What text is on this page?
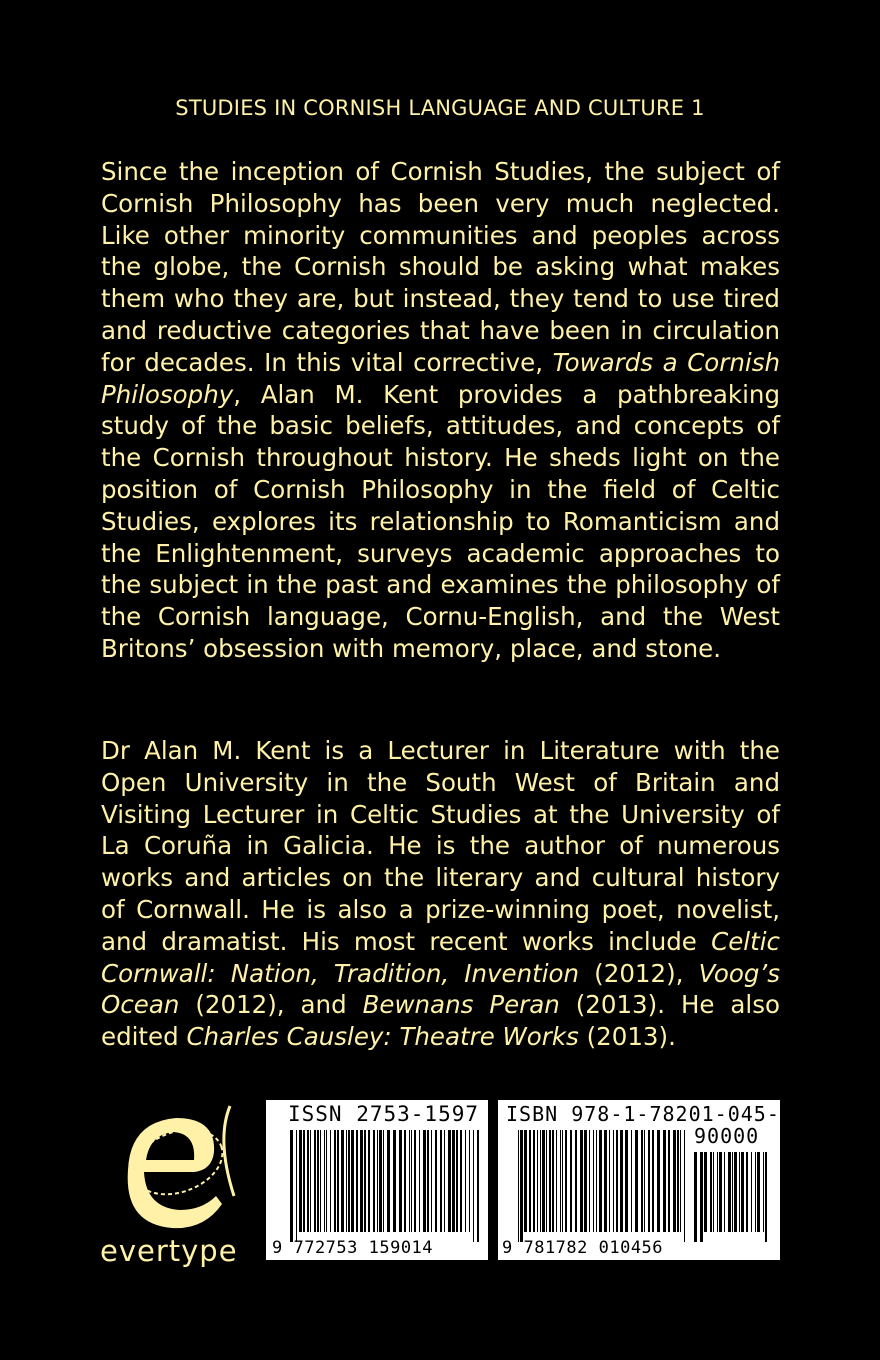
STUDIES IN CORNISH LANGUAGE AND CULTURE 1

Since the inception of Cornish Studies, the subject of Cornish Philosophy has been very much neglected. Like other minority communities and peoples across the globe, the Cornish should be asking what makes them who they are, but instead, they tend to use tired and reductive categories that have been in circulation for decades. In this vital corrective, Towards a Cornish Philosophy, Alan M. Kent provides a pathbreaking study of the basic beliefs, attitudes, and concepts of the Cornish throughout history. He sheds light on the position of Cornish Philosophy in the field of Celtic Studies, explores its relationship to Romanticism and the Enlightenment, surveys academic approaches to the subject in the past and examines the philosophy of the Cornish language, Cornu-English, and the West Britons’ obsession with memory, place, and stone.

Dr Alan M. Kent is a Lecturer in Literature with the Open University in the South West of Britain and Visiting Lecturer in Celtic Studies at the University of La Coruña in Galicia. He is the author of numerous works and articles on the literary and cultural history of Cornwall. He is also a prize-winning poet, novelist, and dramatist. His most recent works include Celtic Cornwall: Nation, Tradition, Invention (2012), Voog’s Ocean (2012), and Bewnans Peran (2013). He also edited Charles Causley: Theatre Works (2013).

evertype
ISSN 2753-1597
9 772753 159014
ISBN 978-1-78201-045-6
90000
9 781782 010456
